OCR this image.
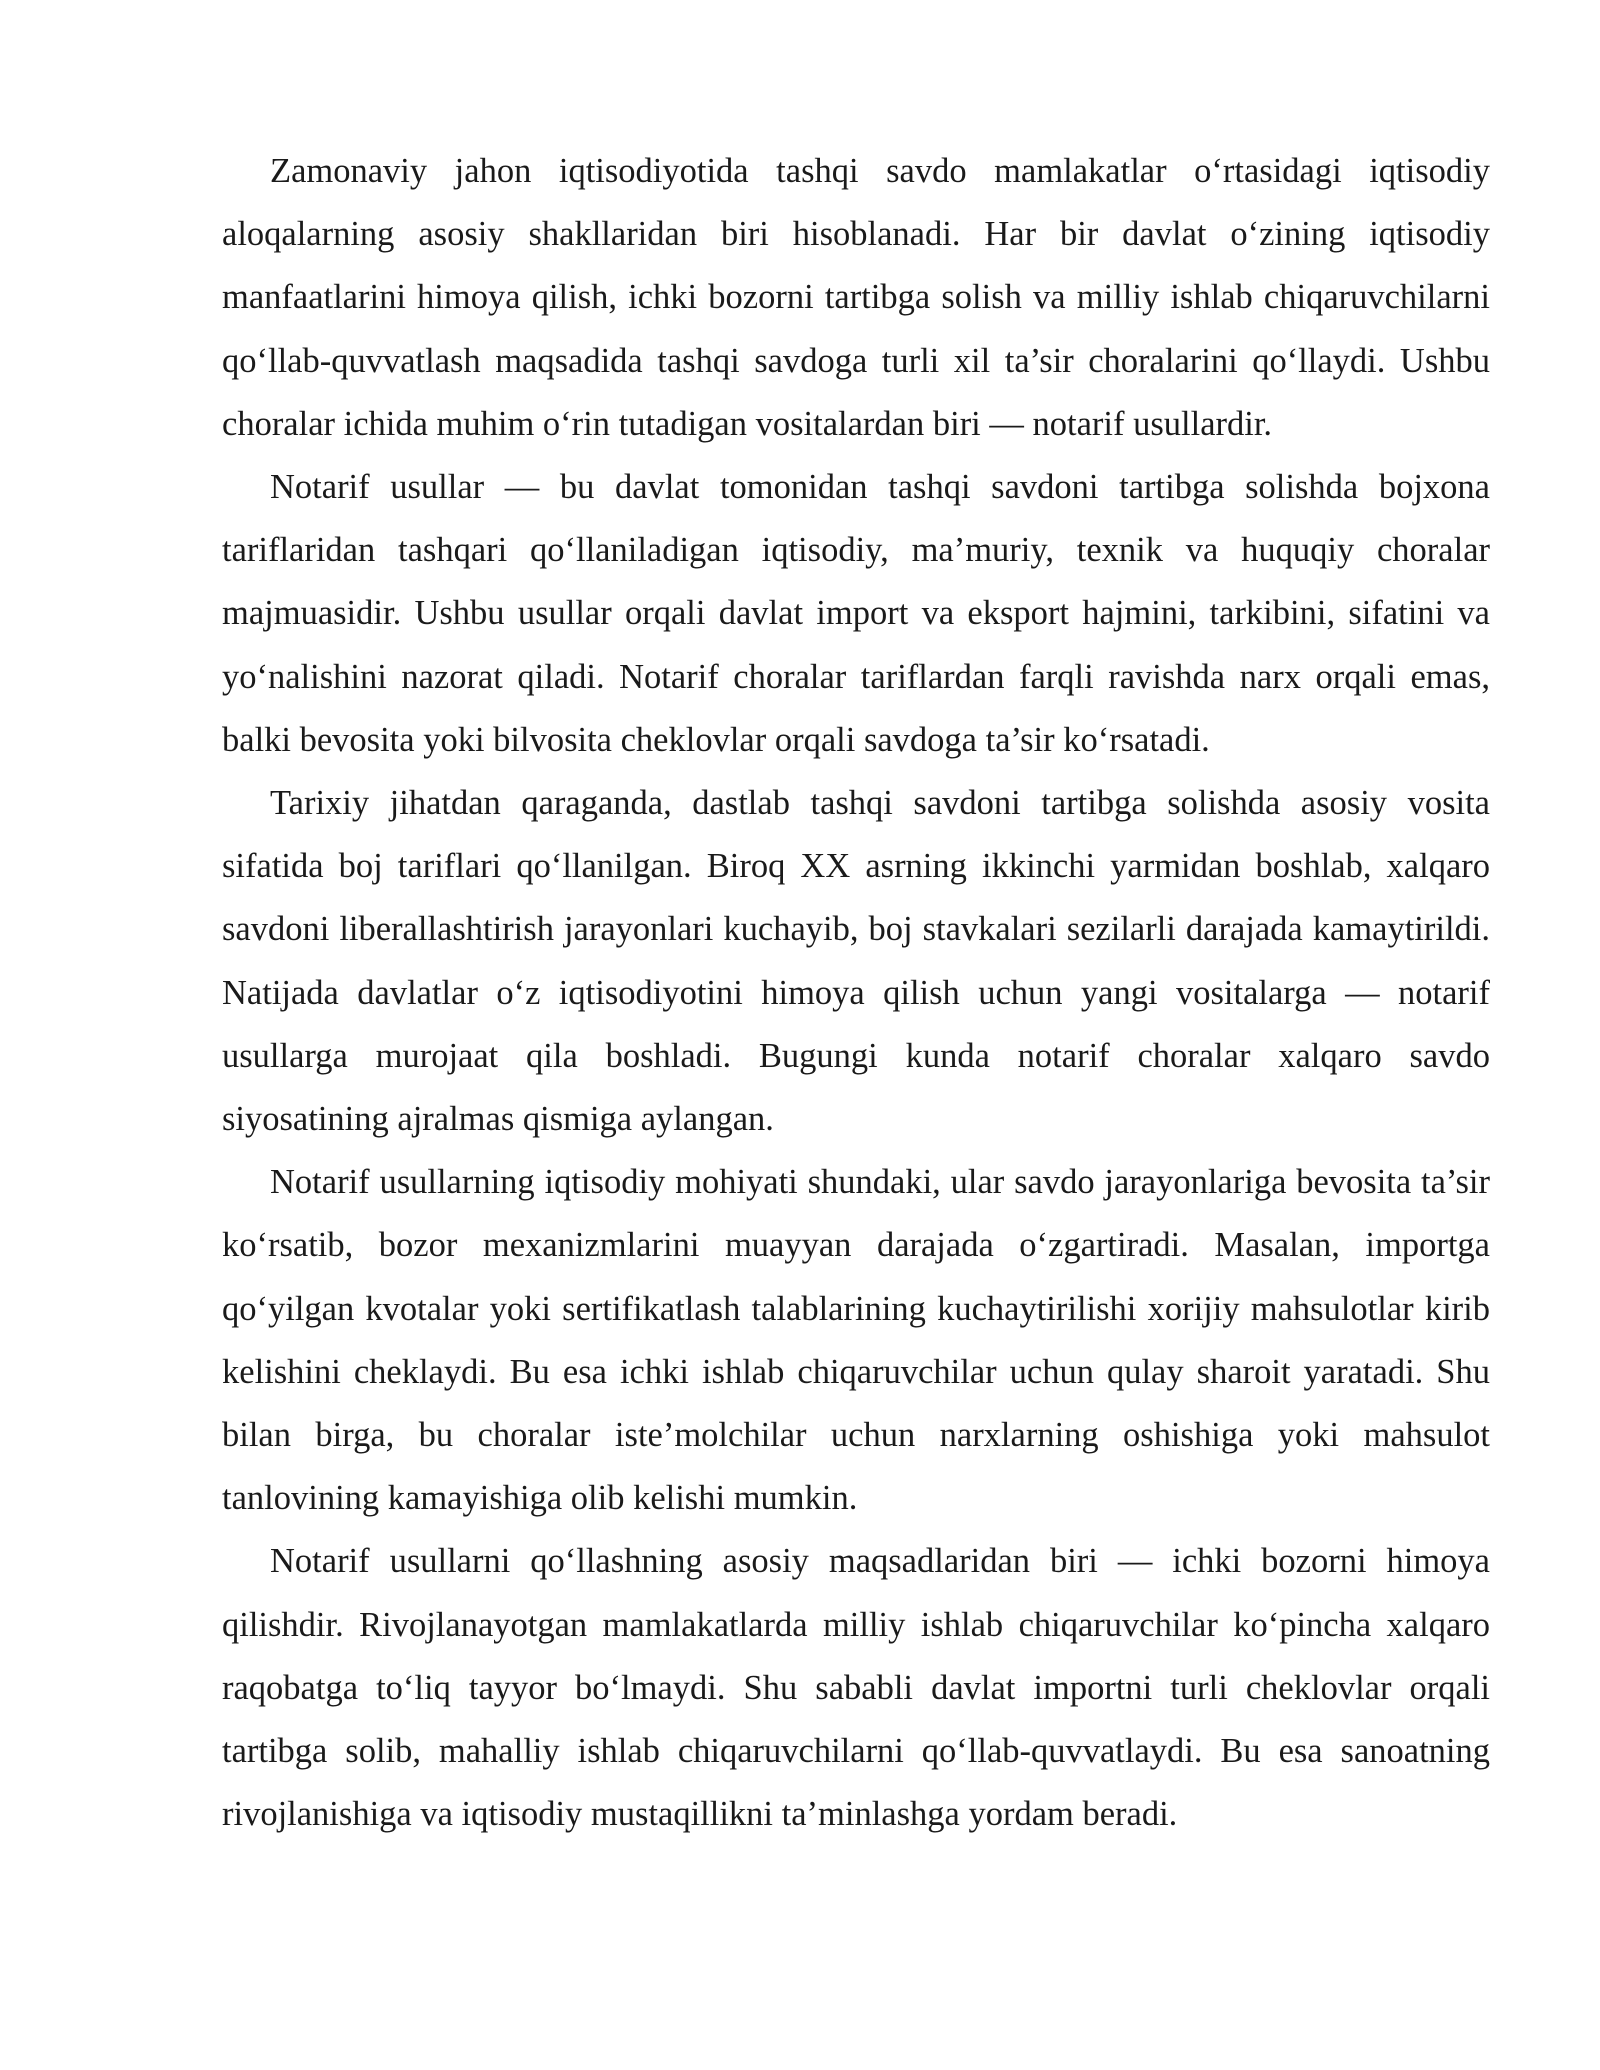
Zamonaviy jahon iqtisodiyotida tashqi savdo mamlakatlar o‘rtasidagi iqtisodiy aloqalarning asosiy shakllaridan biri hisoblanadi. Har bir davlat o‘zining iqtisodiy manfaatlarini himoya qilish, ichki bozorni tartibga solish va milliy ishlab chiqaruvchilarni qo‘llab-quvvatlash maqsadida tashqi savdoga turli xil ta’sir choralarini qo‘llaydi. Ushbu choralar ichida muhim o‘rin tutadigan vositalardan biri — notarif usullardir.

Notarif usullar — bu davlat tomonidan tashqi savdoni tartibga solishda bojxona tariflaridan tashqari qo‘llaniladigan iqtisodiy, ma’muriy, texnik va huquqiy choralar majmuasidir. Ushbu usullar orqali davlat import va eksport hajmini, tarkibini, sifatini va yo‘nalishini nazorat qiladi. Notarif choralar tariflardan farqli ravishda narx orqali emas, balki bevosita yoki bilvosita cheklovlar orqali savdoga ta’sir ko‘rsatadi.

Tarixiy jihatdan qaraganda, dastlab tashqi savdoni tartibga solishda asosiy vosita sifatida boj tariflari qo‘llanilgan. Biroq XX asrning ikkinchi yarmidan boshlab, xalqaro savdoni liberallashtirish jarayonlari kuchayib, boj stavkalari sezilarli darajada kamaytirildi. Natijada davlatlar o‘z iqtisodiyotini himoya qilish uchun yangi vositalarga — notarif usullarga murojaat qila boshladi. Bugungi kunda notarif choralar xalqaro savdo siyosatining ajralmas qismiga aylangan.

Notarif usullarning iqtisodiy mohiyati shundaki, ular savdo jarayonlariga bevosita ta’sir ko‘rsatib, bozor mexanizmlarini muayyan darajada o‘zgartiradi. Masalan, importga qo‘yilgan kvotalar yoki sertifikatlash talablarining kuchaytirilishi xorijiy mahsulotlar kirib kelishini cheklaydi. Bu esa ichki ishlab chiqaruvchilar uchun qulay sharoit yaratadi. Shu bilan birga, bu choralar iste’molchilar uchun narxlarning oshishiga yoki mahsulot tanlovining kamayishiga olib kelishi mumkin.

Notarif usullarni qo‘llashning asosiy maqsadlaridan biri — ichki bozorni himoya qilishdir. Rivojlanayotgan mamlakatlarda milliy ishlab chiqaruvchilar ko‘pincha xalqaro raqobatga to‘liq tayyor bo‘lmaydi. Shu sababli davlat importni turli cheklovlar orqali tartibga solib, mahalliy ishlab chiqaruvchilarni qo‘llab-quvvatlaydi. Bu esa sanoatning rivojlanishiga va iqtisodiy mustaqillikni ta’minlashga yordam beradi.
